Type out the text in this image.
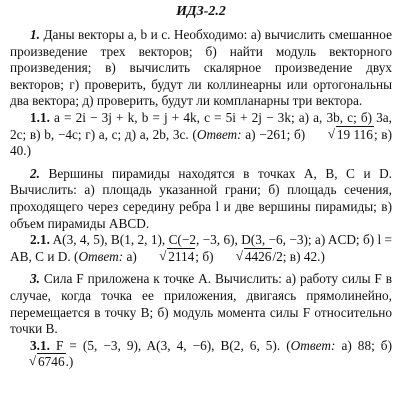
ИДЗ-2.2

1. Даны векторы a, b и c. Необходимо: а) вычислить смешанное произведение трех векторов; б) найти модуль векторного произведения; в) вычислить скалярное произведение двух векторов; г) проверить, будут ли коллинеарны или ортогональны два вектора; д) проверить, будут ли компланарны три вектора.

1.1. a = 2i − 3j + k, b = j + 4k, c = 5i + 2j − 3k; а) a, 3b, c; б) 3a, 2c; в) b, −4c; г) a, c; д) a, 2b, 3c. (Ответ: а) −261; б) √ 19 116; в) 40.)

2. Вершины пирамиды находятся в точках A, B, C и D. Вычислить: а) площадь указанной грани; б) площадь сечения, проходящего через середину ребра l и две вершины пирамиды; в) объем пирамиды ABCD.

2.1. A(3, 4, 5), B(1, 2, 1), C(−2, −3, 6), D(3, −6, −3); а) ACD; б) l = AB, C и D. (Ответ: а) √ 2114; б) √ 4426/2; в) 42.)

3. Сила F приложена к точке A. Вычислить: а) работу силы F в случае, когда точка ее приложения, двигаясь прямолинейно, перемещается в точку B; б) модуль момента силы F относительно точки B.

3.1. F = (5, −3, 9), A(3, 4, −6), B(2, 6, 5). (Ответ: а) 88; б) √ 6746.)
